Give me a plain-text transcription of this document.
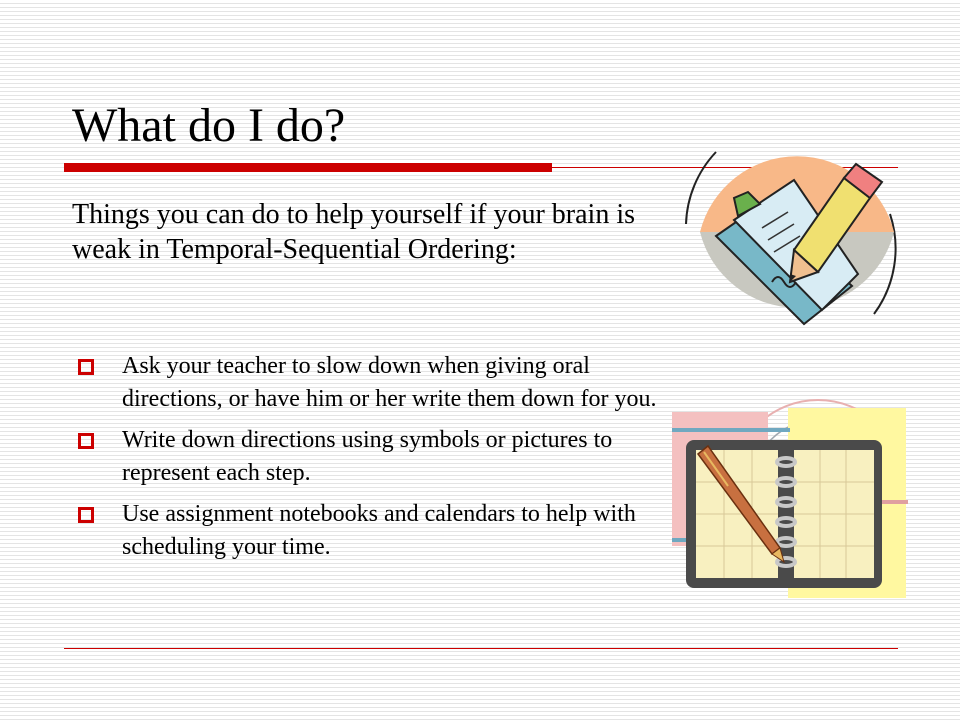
What do I do?

Things you can do to help yourself if your brain is weak in Temporal-Sequential Ordering:

Ask your teacher to slow down when giving oral directions, or have him or her write them down for you.
Write down directions using symbols or pictures to represent each step.
Use assignment notebooks and calendars to help with scheduling your time.
